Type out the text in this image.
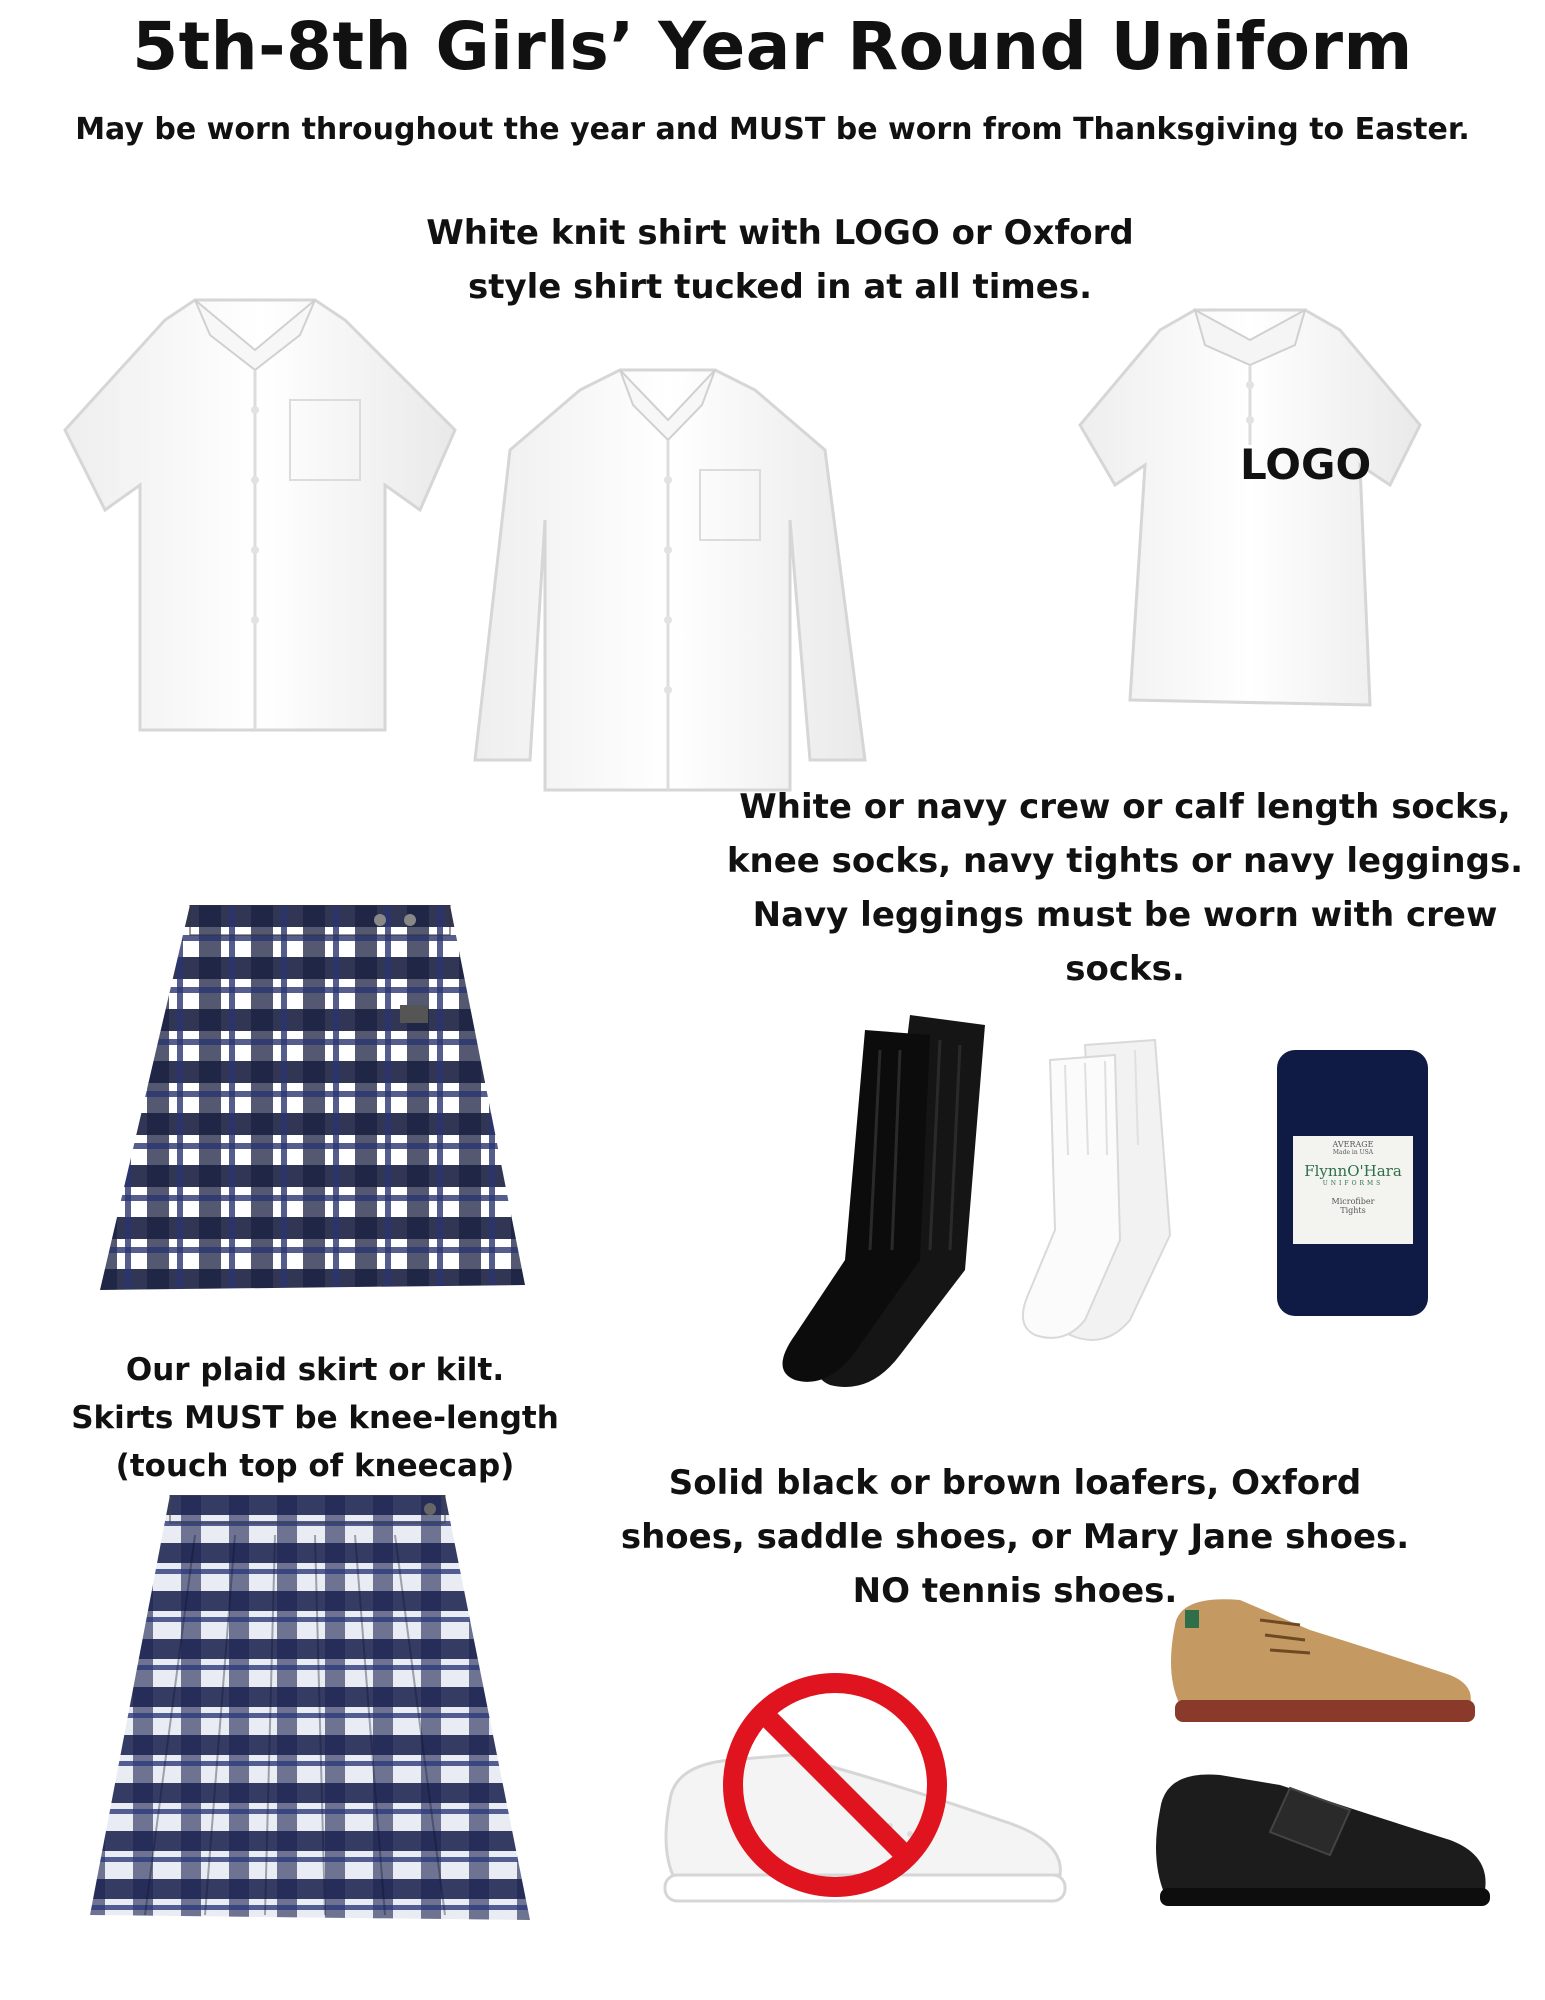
5th-8th Girls’ Year Round Uniform
May be worn throughout the year and MUST be worn from Thanksgiving to Easter.
White knit shirt with LOGO or Oxford
style shirt tucked in at all times.
LOGO
White or navy crew or calf length socks,
knee socks, navy tights or navy leggings.
Navy leggings must be worn with crew
socks.
Our plaid skirt or kilt.
Skirts MUST be knee-length
(touch top of kneecap)
AVERAGE
Made in USA
FlynnO'Hara
UNIFORMS
Microfiber
Tights
Solid black or brown loafers, Oxford
shoes, saddle shoes, or Mary Jane shoes.
NO tennis shoes.
